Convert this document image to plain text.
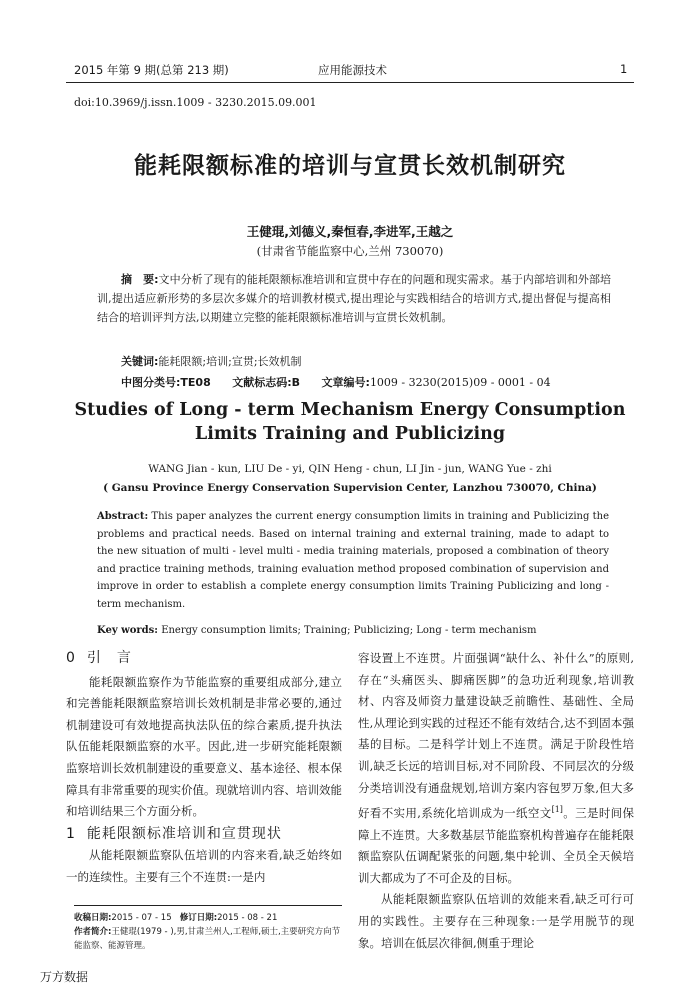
2015 年第 9 期(总第 213 期)	应用能源技术	1
doi:10.3969/j.issn.1009 - 3230.2015.09.001
能耗限额标准的培训与宣贯长效机制研究
王健琨,刘德义,秦恒春,李进军,王越之
(甘肃省节能监察中心,兰州 730070)
摘　要:文中分析了现有的能耗限额标准培训和宣贯中存在的问题和现实需求。基于内部培训和外部培训,提出适应新形势的多层次多媒介的培训教材模式,提出理论与实践相结合的培训方式,提出督促与提高相结合的培训评判方法,以期建立完整的能耗限额标准培训与宣贯长效机制。
关键词:能耗限额;培训;宣贯;长效机制
中图分类号:TE08 文献标志码:B 文章编号:1009 - 3230(2015)09 - 0001 - 04
Studies of Long - term Mechanism Energy Consumption
Limits Training and Publicizing
WANG Jian - kun, LIU De - yi, QIN Heng - chun, LI Jin - jun, WANG Yue - zhi
( Gansu Province Energy Conservation Supervision Center, Lanzhou 730070, China)
Abstract: This paper analyzes the current energy consumption limits in training and Publicizing the problems and practical needs. Based on internal training and external training, made to adapt to the new situation of multi - level multi - media training materials, proposed a combination of theory and practice training methods, training evaluation method proposed combination of supervision and improve in order to establish a complete energy consumption limits Training Publicizing and long - term mechanism.
Key words: Energy consumption limits; Training; Publicizing; Long - term mechanism
0 引　言

能耗限额监察作为节能监察的重要组成部分,建立和完善能耗限额监察培训长效机制是非常必要的,通过机制建设可有效地提高执法队伍的综合素质,提升执法队伍能耗限额监察的水平。因此,进一步研究能耗限额监察培训长效机制建设的重要意义、基本途径、根本保障具有非常重要的现实价值。现就培训内容、培训效能和培训结果三个方面分析。

1 能耗限额标准培训和宣贯现状

从能耗限额监察队伍培训的内容来看,缺乏始终如一的连续性。主要有三个不连贯:一是内

收稿日期:2015 - 07 - 15 修订日期:2015 - 08 - 21
作者简介:王健琨(1979 - ),男,甘肃兰州人,工程师,硕士,主要研究方向节能监察、能源管理。

容设置上不连贯。片面强调“缺什么、补什么”的原则,存在“头痛医头、脚痛医脚”的急功近利现象,培训教材、内容及师资力量建设缺乏前瞻性、基础性、全局性,从理论到实践的过程还不能有效结合,达不到固本强基的目标。二是科学计划上不连贯。满足于阶段性培训,缺乏长远的培训目标,对不同阶段、不同层次的分级分类培训没有通盘规划,培训方案内容包罗万象,但大多好看不实用,系统化培训成为一纸空文[1]。三是时间保障上不连贯。大多数基层节能监察机构普遍存在能耗限额监察队伍调配紧张的问题,集中轮训、全员全天候培训大都成为了不可企及的目标。

从能耗限额监察队伍培训的效能来看,缺乏可行可用的实践性。主要存在三种现象:一是学用脱节的现象。培训在低层次徘徊,侧重于理论

万方数据
